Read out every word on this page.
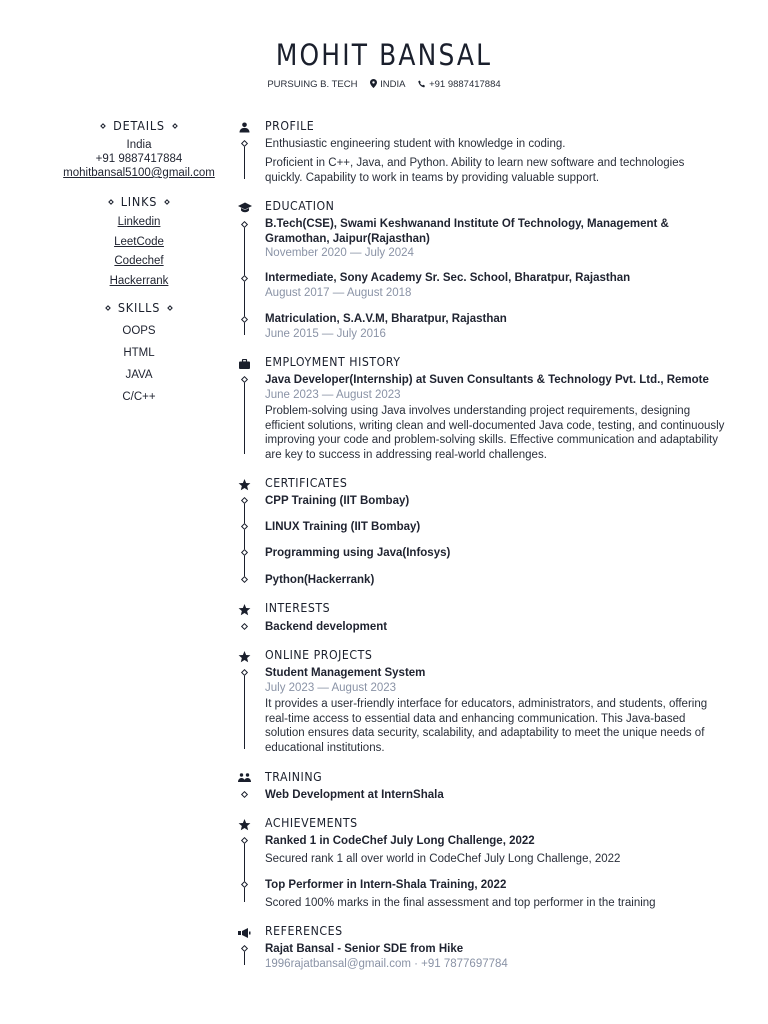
MOHIT BANSAL
PURSUING B. TECH INDIA +91 9887417884
DETAILS
India
+91 9887417884
mohitbansal5100@gmail.com
LINKS
Linkedin
LeetCode
Codechef
Hackerrank
SKILLS
OOPS
HTML
JAVA
C/C++
PROFILE
Enthusiastic engineering student with knowledge in coding.
Proficient in C++, Java, and Python. Ability to learn new software and technologies quickly. Capability to work in teams by providing valuable support.
EDUCATION
B.Tech(CSE), Swami Keshwanand Institute Of Technology, Management & Gramothan, Jaipur(Rajasthan)
November 2020 — July 2024
Intermediate, Sony Academy Sr. Sec. School, Bharatpur, Rajasthan
August 2017 — August 2018
Matriculation, S.A.V.M, Bharatpur, Rajasthan
June 2015 — July 2016
EMPLOYMENT HISTORY
Java Developer(Internship) at Suven Consultants & Technology Pvt. Ltd., Remote
June 2023 — August 2023
Problem-solving using Java involves understanding project requirements, designing efficient solutions, writing clean and well-documented Java code, testing, and continuously improving your code and problem-solving skills. Effective communication and adaptability are key to success in addressing real-world challenges.
CERTIFICATES
CPP Training (IIT Bombay)
LINUX Training (IIT Bombay)
Programming using Java(Infosys)
Python(Hackerrank)
INTERESTS
Backend development
ONLINE PROJECTS
Student Management System
July 2023 — August 2023
It provides a user-friendly interface for educators, administrators, and students, offering real-time access to essential data and enhancing communication. This Java-based solution ensures data security, scalability, and adaptability to meet the unique needs of educational institutions.
TRAINING
Web Development at InternShala
ACHIEVEMENTS
Ranked 1 in CodeChef July Long Challenge, 2022
Secured rank 1 all over world in CodeChef July Long Challenge, 2022
Top Performer in Intern-Shala Training, 2022
Scored 100% marks in the final assessment and top performer in the training
REFERENCES
Rajat Bansal - Senior SDE from Hike
1996rajatbansal@gmail.com · +91 7877697784
